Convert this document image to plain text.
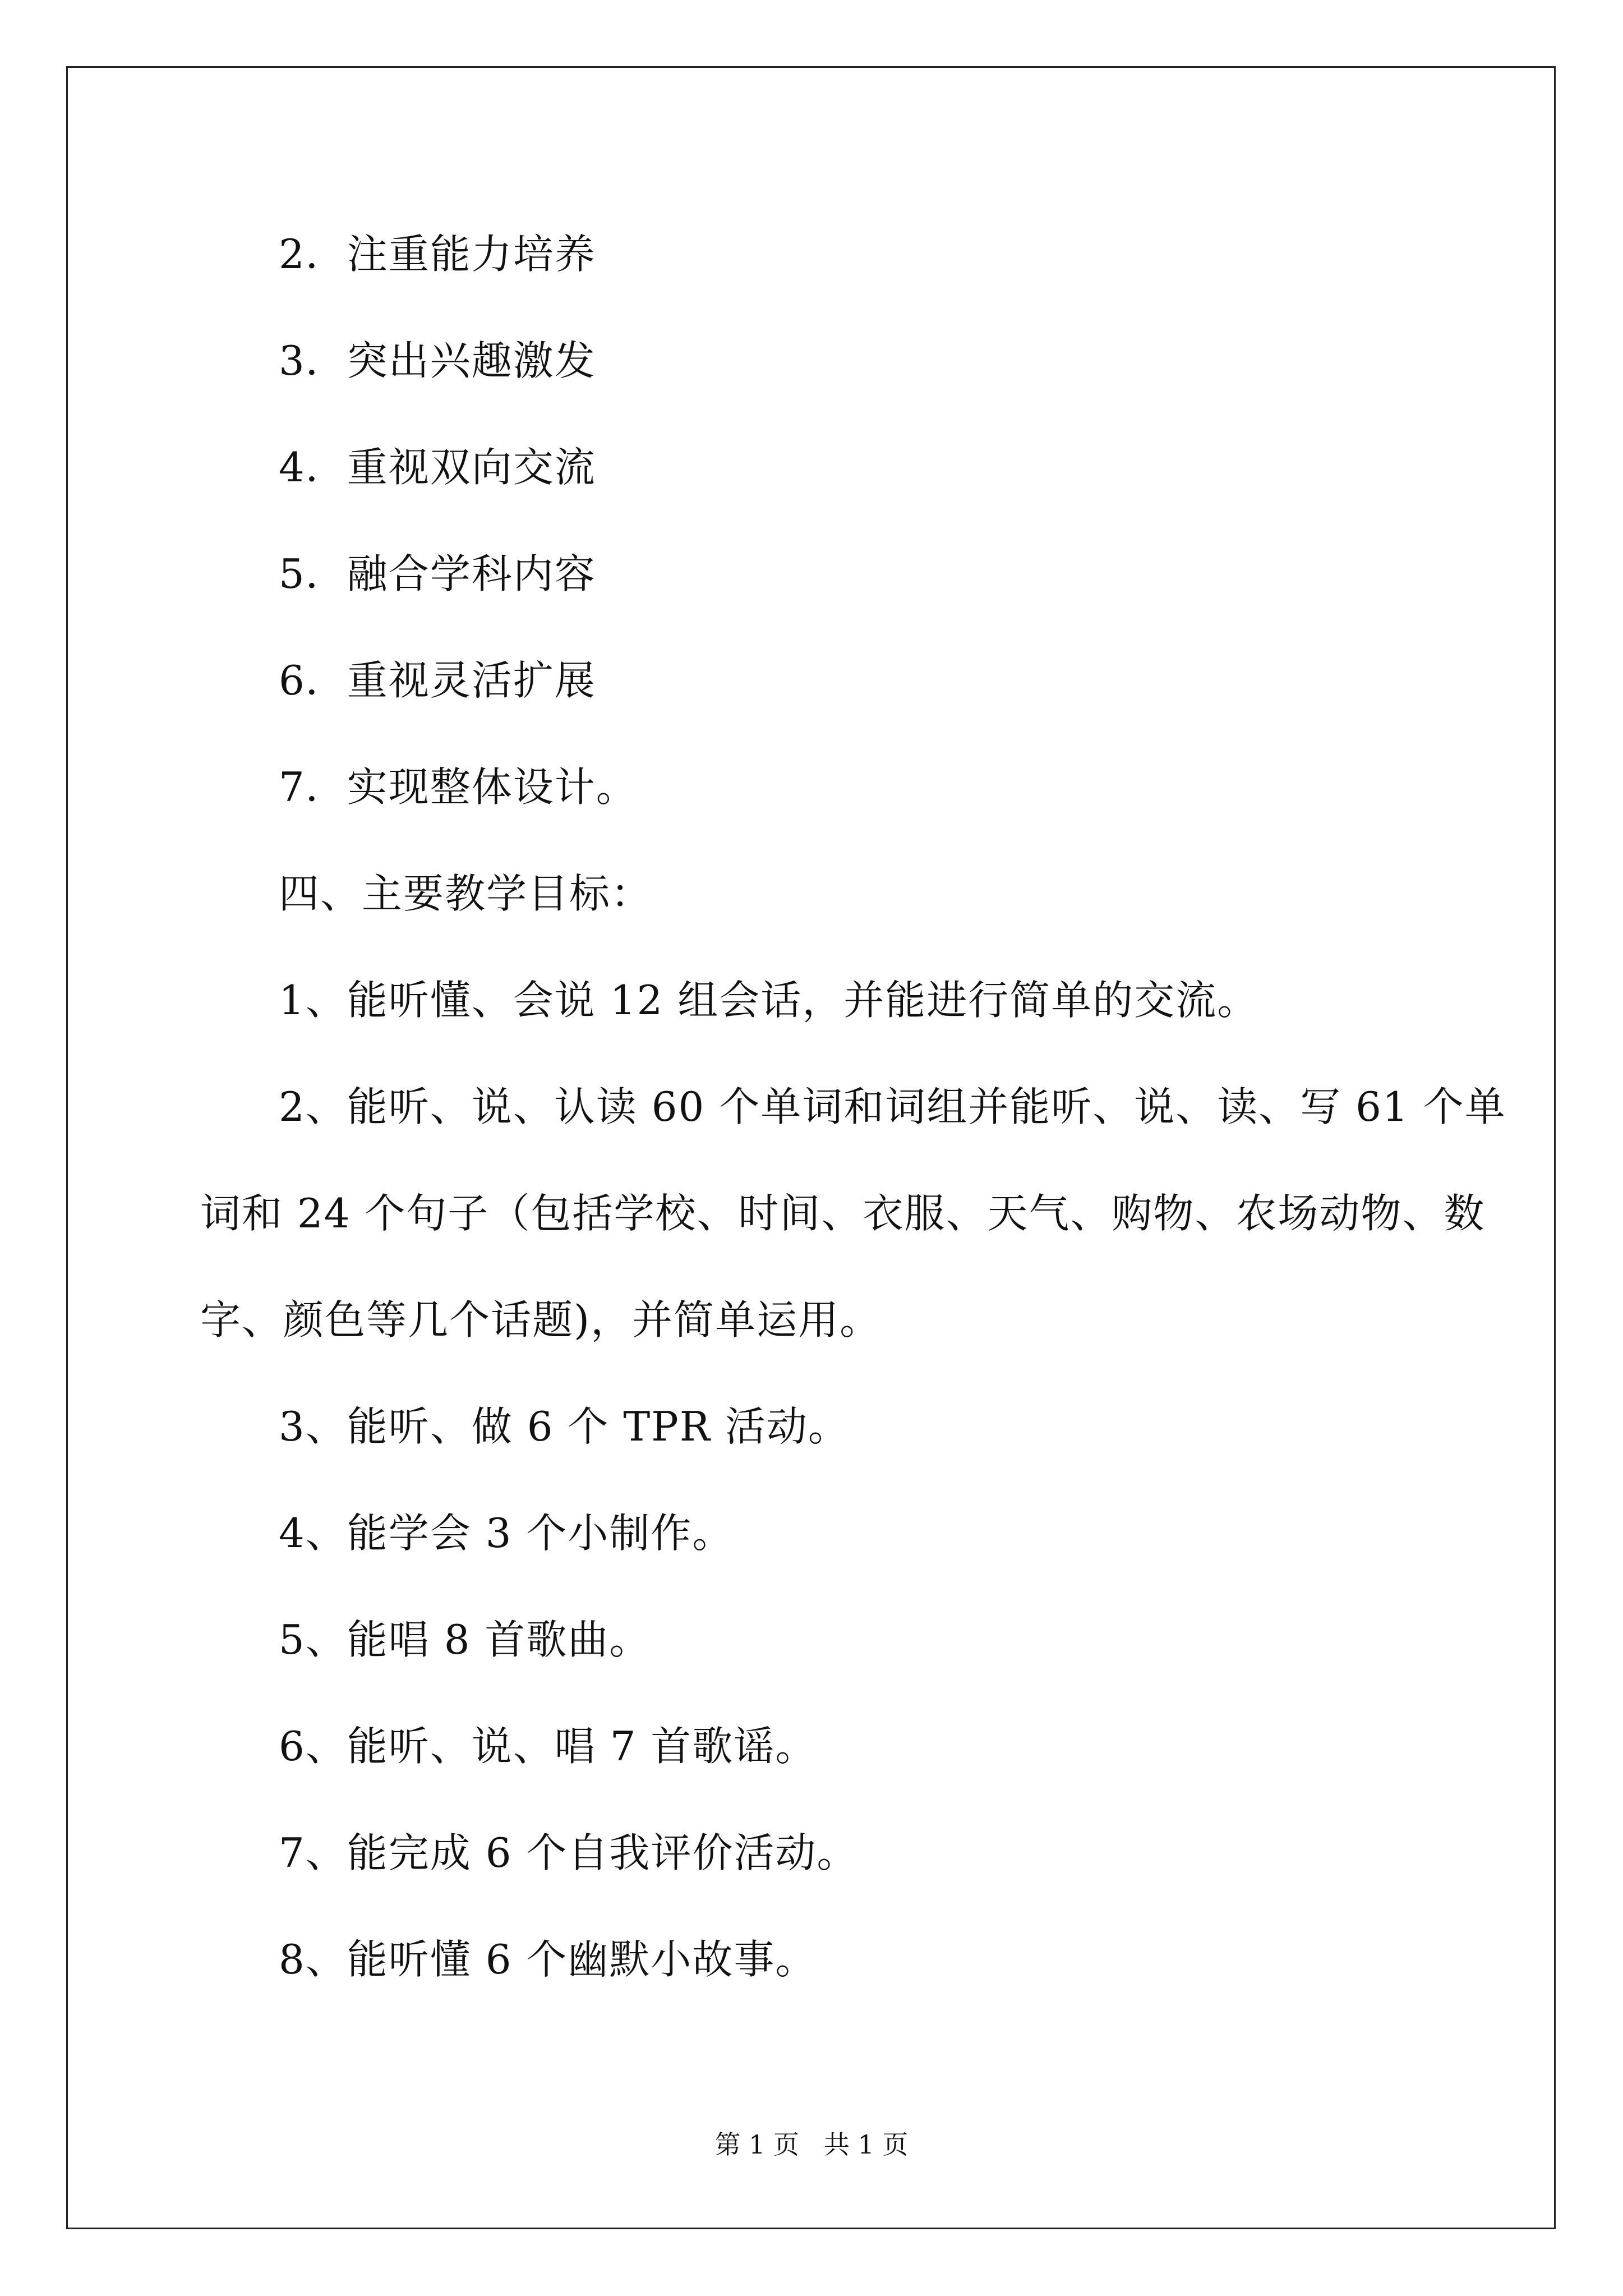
2．注重能力培养
3．突出兴趣激发
4．重视双向交流
5．融合学科内容
6．重视灵活扩展
7．实现整体设计。
四、主要教学目标：
1、能听懂、会说 12 组会话，并能进行简单的交流。
2、能听、说、认读 60 个单词和词组并能听、说、读、写 61 个单
词和 24 个句子（包括学校、时间、衣服、天气、购物、农场动物、数
字、颜色等几个话题)，并简单运用。
3、能听、做 6 个 TPR 活动。
4、能学会 3 个小制作。
5、能唱 8 首歌曲。
6、能听、说、唱 7 首歌谣。
7、能完成 6 个自我评价活动。
8、能听懂 6 个幽默小故事。
第 1 页   共 1 页
